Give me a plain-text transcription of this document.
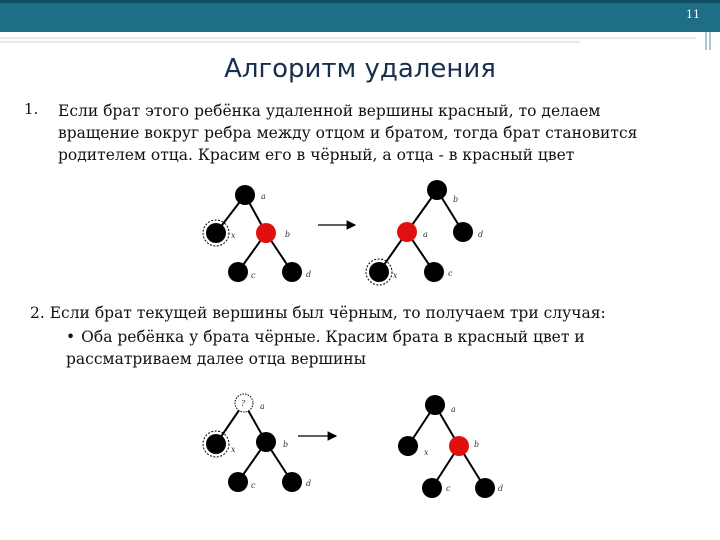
11
Алгоритм удаления
1. Если брат этого ребёнка удаленной вершины красный, то делаем вращение вокруг ребра между отцом и братом, тогда брат становится родителем отца. Красим его в чёрный, а отца - в красный цвет
a
x	b
c	d
b
a	d
x	c
? a
x
b
c	d
a
x
b
c	d
2. Если брат текущей вершины был чёрным, то получаем три случая:
• Оба ребёнка у брата чёрные. Красим брата в красный цвет и рассматриваем далее отца вершины
